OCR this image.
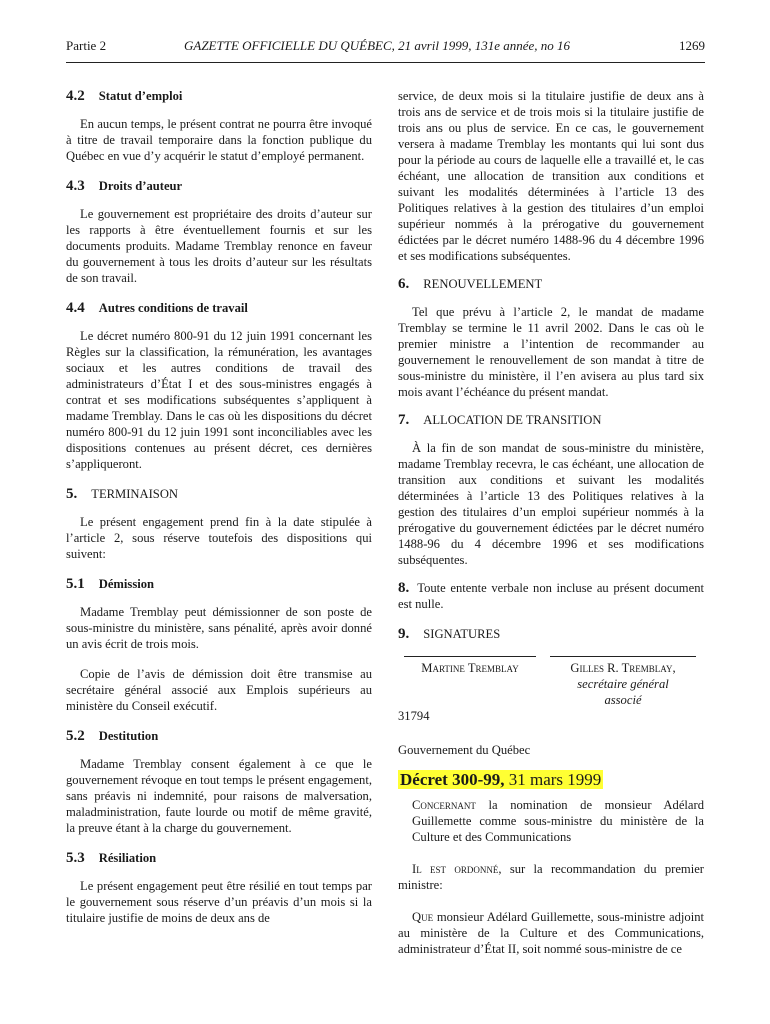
Partie 2	GAZETTE OFFICIELLE DU QUÉBEC, 21 avril 1999, 131e année, no 16	1269
4.2 Statut d’emploi

En aucun temps, le présent contrat ne pourra être invoqué à titre de travail temporaire dans la fonction publique du Québec en vue d’y acquérir le statut d’employé permanent.

4.3 Droits d’auteur

Le gouvernement est propriétaire des droits d’auteur sur les rapports à être éventuellement fournis et sur les documents produits. Madame Tremblay renonce en faveur du gouvernement à tous les droits d’auteur sur les résultats de son travail.

4.4 Autres conditions de travail

Le décret numéro 800-91 du 12 juin 1991 concernant les Règles sur la classification, la rémunération, les avantages sociaux et les autres conditions de travail des administrateurs d’État I et des sous-ministres engagés à contrat et ses modifications subséquentes s’appliquent à madame Tremblay. Dans le cas où les dispositions du décret numéro 800-91 du 12 juin 1991 sont inconciliables avec les dispositions contenues au présent décret, ces dernières s’appliqueront.

5. TERMINAISON

Le présent engagement prend fin à la date stipulée à l’article 2, sous réserve toutefois des dispositions qui suivent:

5.1 Démission

Madame Tremblay peut démissionner de son poste de sous-ministre du ministère, sans pénalité, après avoir donné un avis écrit de trois mois.

Copie de l’avis de démission doit être transmise au secrétaire général associé aux Emplois supérieurs au ministère du Conseil exécutif.

5.2 Destitution

Madame Tremblay consent également à ce que le gouvernement révoque en tout temps le présent engagement, sans préavis ni indemnité, pour raisons de malversation, maladministration, faute lourde ou motif de même gravité, la preuve étant à la charge du gouvernement.

5.3 Résiliation

Le présent engagement peut être résilié en tout temps par le gouvernement sous réserve d’un préavis d’un mois si la titulaire justifie de moins de deux ans de

service, de deux mois si la titulaire justifie de deux ans à trois ans de service et de trois mois si la titulaire justifie de trois ans ou plus de service. En ce cas, le gouvernement versera à madame Tremblay les montants qui lui sont dus pour la période au cours de laquelle elle a travaillé et, le cas échéant, une allocation de transition aux conditions et suivant les modalités déterminées à l’article 13 des Politiques relatives à la gestion des titulaires d’un emploi supérieur nommés à la prérogative du gouvernement édictées par le décret numéro 1488-96 du 4 décembre 1996 et ses modifications subséquentes.

6. RENOUVELLEMENT

Tel que prévu à l’article 2, le mandat de madame Tremblay se termine le 11 avril 2002. Dans le cas où le premier ministre a l’intention de recommander au gouvernement le renouvellement de son mandat à titre de sous-ministre du ministère, il l’en avisera au plus tard six mois avant l’échéance du présent mandat.

7. ALLOCATION DE TRANSITION

À la fin de son mandat de sous-ministre du ministère, madame Tremblay recevra, le cas échéant, une allocation de transition aux conditions et suivant les modalités déterminées à l’article 13 des Politiques relatives à la gestion des titulaires d’un emploi supérieur nommés à la prérogative du gouvernement édictées par le décret numéro 1488-96 du 4 décembre 1996 et ses modifications subséquentes.

8. Toute entente verbale non incluse au présent document est nulle.

9. SIGNATURES
Martine Tremblay	Gilles R. Tremblay,
secrétaire général
associé
31794
Gouvernement du Québec
Décret 300-99, 31 mars 1999

Concernant la nomination de monsieur Adélard Guillemette comme sous-ministre du ministère de la Culture et des Communications

Il est ordonné, sur la recommandation du premier ministre:

Que monsieur Adélard Guillemette, sous-ministre adjoint au ministère de la Culture et des Communications, administrateur d’État II, soit nommé sous-ministre de ce
